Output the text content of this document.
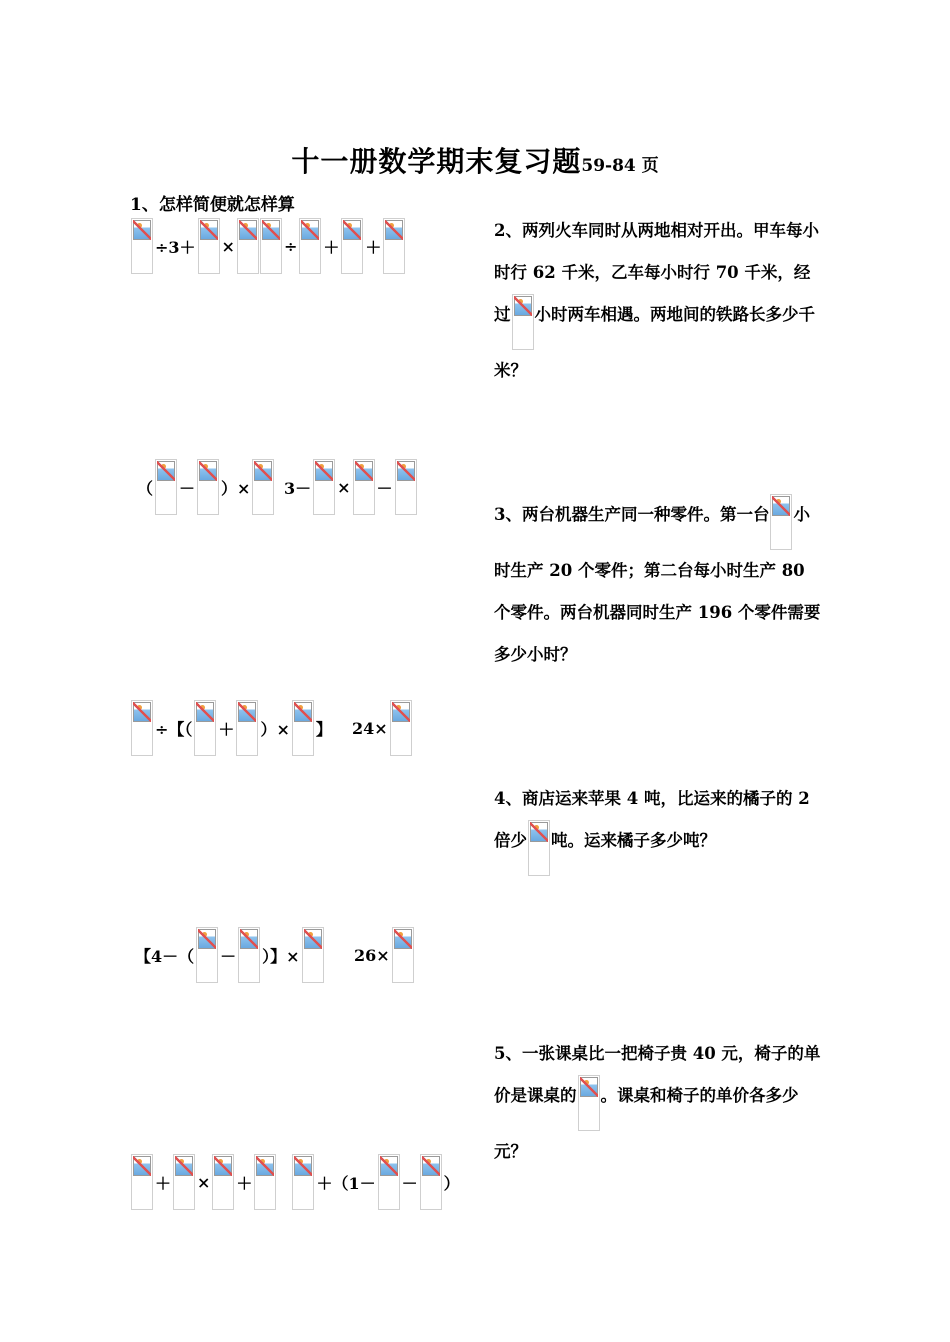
十一册数学期末复习题59-84 页
1、怎样简便就怎样算
÷3＋ ×	÷ ＋ ＋
（ － ）× 3－ × －
÷【（ ＋ ）× 】 24×
【4－（ － ）】×	26×
＋ × ＋	＋（1－ － ）
2、两列火车同时从两地相对开出。甲车每小时行 62 千米，乙车每小时行 70 千米，经过 小时两车相遇。两地间的铁路长多少千米？
3、两台机器生产同一种零件。第一台 小时生产 20 个零件；第二台每小时生产 80 个零件。两台机器同时生产 196 个零件需要多少小时？
4、商店运来苹果 4 吨，比运来的橘子的 2 倍少 吨。运来橘子多少吨？
5、一张课桌比一把椅子贵 40 元，椅子的单价是课桌的 。课桌和椅子的单价各多少元？
